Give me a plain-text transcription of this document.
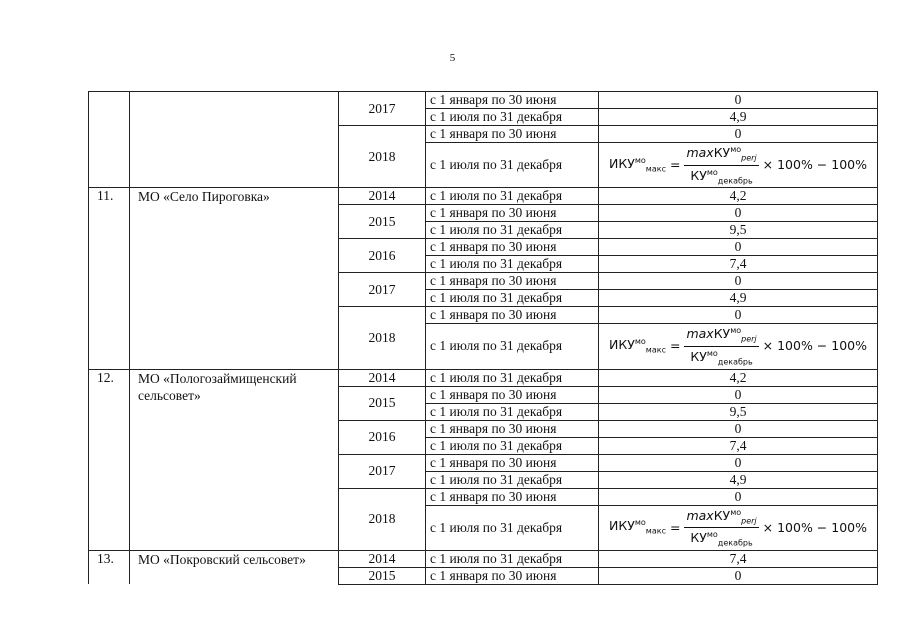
5
		2017	с 1 января по 30 июня	0
			с 1 июля по 31 декабря	4,9
		2018	с 1 января по 30 июня	0
			с 1 июля по 31 декабря	$ИКУ^{мо}_{макс} = \frac{\max КУ^{мо}_{perj}}{КУ^{мо}_{декабрь}} \times 100\% - 100\%$

11.	МО «Село Пироговка»	2014	с 1 июля по 31 декабря	4,2
		2015	с 1 января по 30 июня	0
			с 1 июля по 31 декабря	9,5
		2016	с 1 января по 30 июня	0
			с 1 июля по 31 декабря	7,4
		2017	с 1 января по 30 июня	0
			с 1 июля по 31 декабря	4,9
		2018	с 1 января по 30 июня	0
			с 1 июля по 31 декабря	$ИКУ^{мо}_{макс} = \frac{\max КУ^{мо}_{perj}}{КУ^{мо}_{декабрь}} \times 100\% - 100\%$

12.	МО «Пологозаймищенский сельсовет»	2014	с 1 июля по 31 декабря	4,2
		2015	с 1 января по 30 июня	0
			с 1 июля по 31 декабря	9,5
		2016	с 1 января по 30 июня	0
			с 1 июля по 31 декабря	7,4
		2017	с 1 января по 30 июня	0
			с 1 июля по 31 декабря	4,9
		2018	с 1 января по 30 июня	0
			с 1 июля по 31 декабря	$ИКУ^{мо}_{макс} = \frac{\max КУ^{мо}_{perj}}{КУ^{мо}_{декабрь}} \times 100\% - 100\%$

13.	МО «Покровский сельсовет»	2014	с 1 июля по 31 декабря	7,4
		2015	с 1 января по 30 июня	0
